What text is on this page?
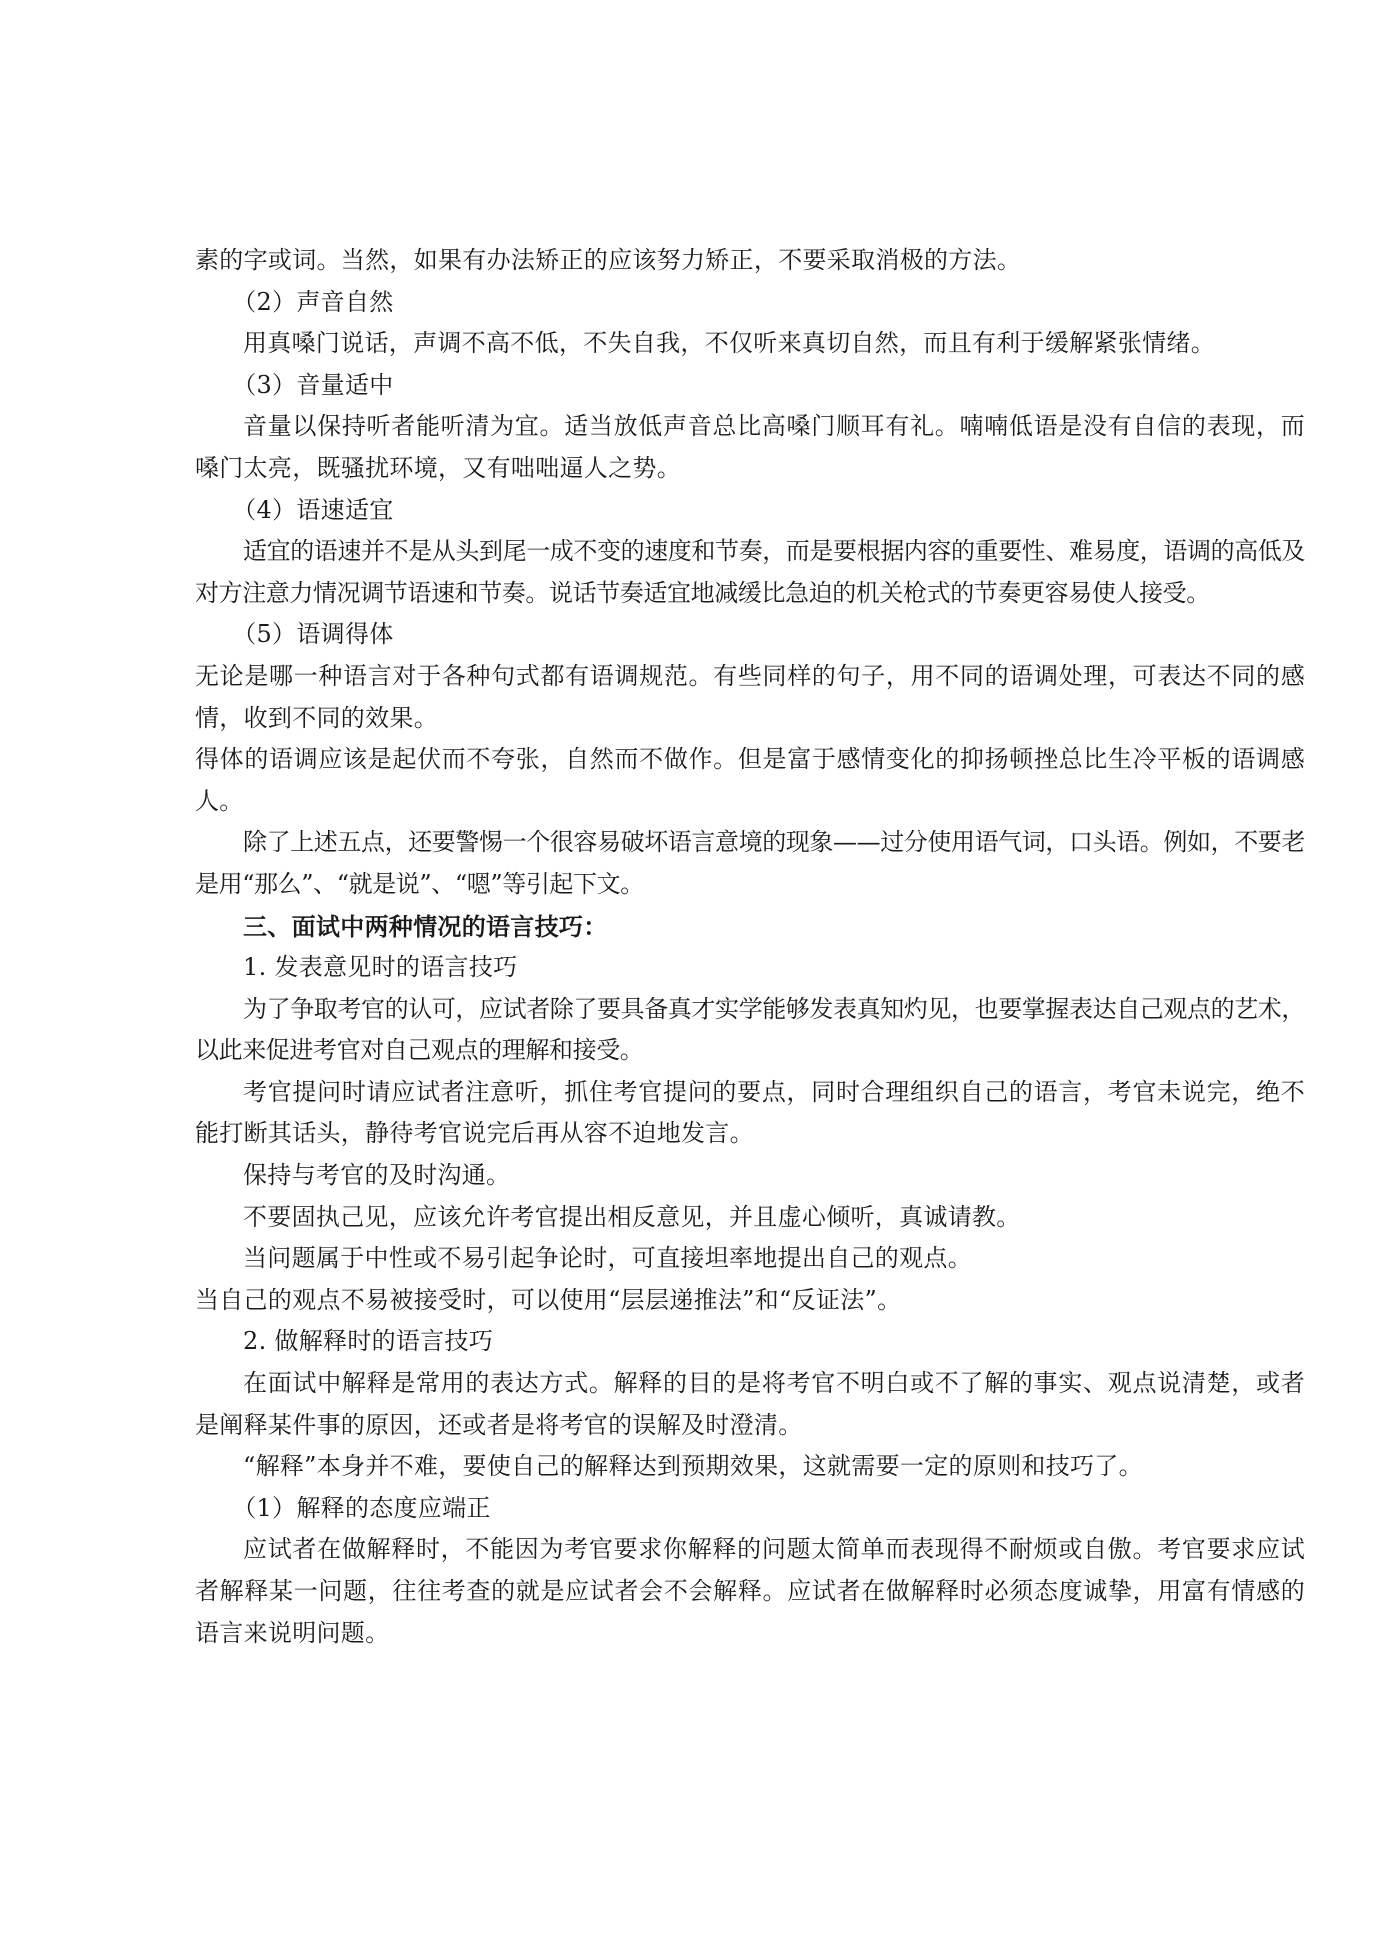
素的字或词。当然，如果有办法矫正的应该努力矫正，不要采取消极的方法。

（2）声音自然

用真嗓门说话，声调不高不低，不失自我，不仅听来真切自然，而且有利于缓解紧张情绪。

（3）音量适中

音量以保持听者能听清为宜。适当放低声音总比高嗓门顺耳有礼。喃喃低语是没有自信的表现，而嗓门太亮，既骚扰环境，又有咄咄逼人之势。

（4）语速适宜

适宜的语速并不是从头到尾一成不变的速度和节奏，而是要根据内容的重要性、难易度，语调的高低及对方注意力情况调节语速和节奏。说话节奏适宜地减缓比急迫的机关枪式的节奏更容易使人接受。

（5）语调得体

无论是哪一种语言对于各种句式都有语调规范。有些同样的句子，用不同的语调处理，可表达不同的感情，收到不同的效果。

得体的语调应该是起伏而不夸张，自然而不做作。但是富于感情变化的抑扬顿挫总比生冷平板的语调感人。

除了上述五点，还要警惕一个很容易破坏语言意境的现象——过分使用语气词，口头语。例如，不要老是用“那么”、“就是说”、“嗯”等引起下文。

三、面试中两种情况的语言技巧：

1. 发表意见时的语言技巧

为了争取考官的认可，应试者除了要具备真才实学能够发表真知灼见，也要掌握表达自己观点的艺术，以此来促进考官对自己观点的理解和接受。

考官提问时请应试者注意听，抓住考官提问的要点，同时合理组织自己的语言，考官未说完，绝不能打断其话头，静待考官说完后再从容不迫地发言。

保持与考官的及时沟通。

不要固执己见，应该允许考官提出相反意见，并且虚心倾听，真诚请教。

当问题属于中性或不易引起争论时，可直接坦率地提出自己的观点。

当自己的观点不易被接受时，可以使用“层层递推法”和“反证法”。

2. 做解释时的语言技巧

在面试中解释是常用的表达方式。解释的目的是将考官不明白或不了解的事实、观点说清楚，或者是阐释某件事的原因，还或者是将考官的误解及时澄清。

“解释”本身并不难，要使自己的解释达到预期效果，这就需要一定的原则和技巧了。

（1）解释的态度应端正

应试者在做解释时，不能因为考官要求你解释的问题太简单而表现得不耐烦或自傲。考官要求应试者解释某一问题，往往考查的就是应试者会不会解释。应试者在做解释时必须态度诚挚，用富有情感的语言来说明问题。
